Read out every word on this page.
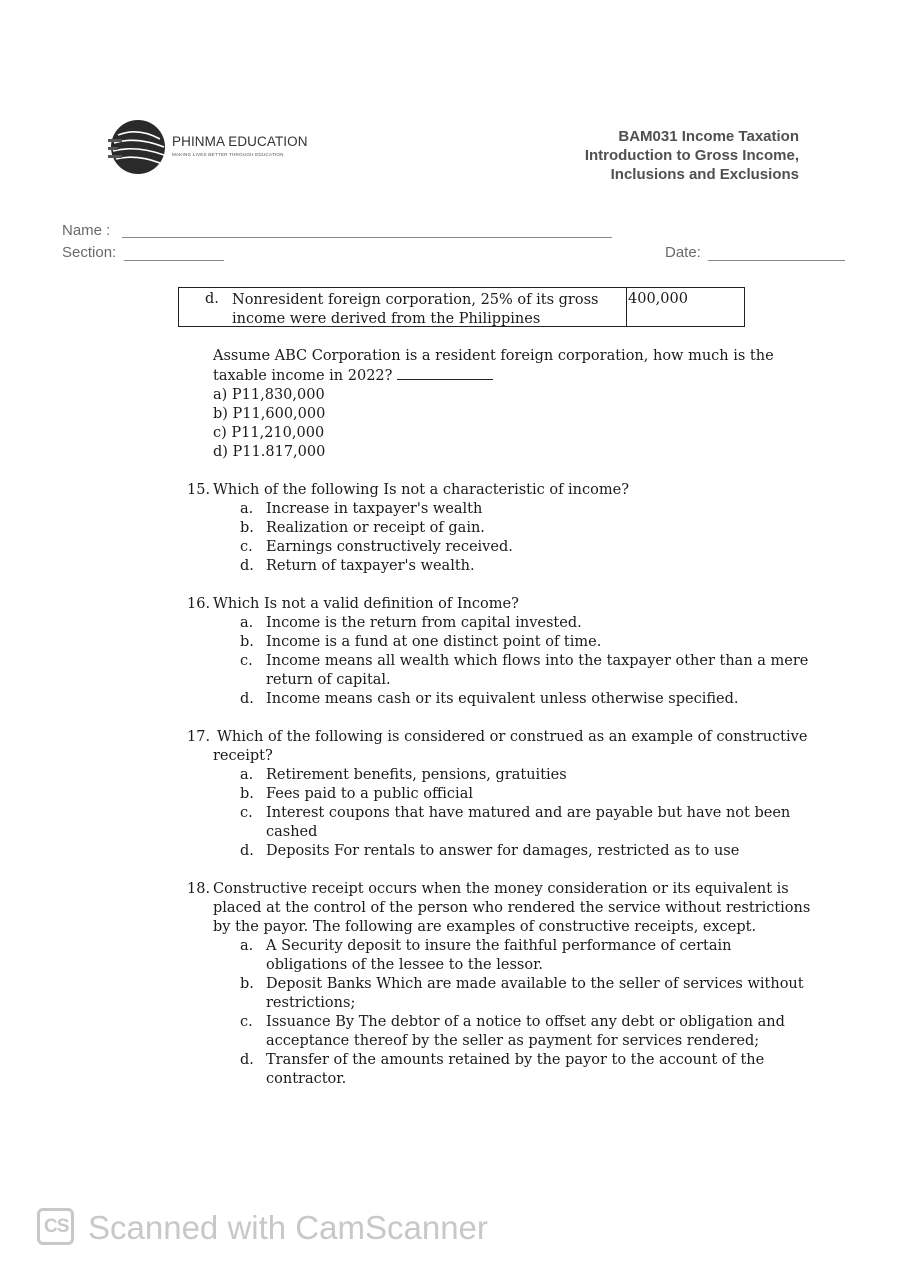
PHINMA EDUCATION
MAKING LIVES BETTER THROUGH EDUCATION
BAM031 Income Taxation
Introduction to Gross Income,
Inclusions and Exclusions
Name :
Section:	Date:
d. Nonresident foreign corporation, 25% of its gross income were derived from the Philippines
400,000
Assume ABC Corporation is a resident foreign corporation, how much is the taxable income in 2022?
a) P11,830,000
b) P11,600,000
c) P11,210,000
d) P11.817,000
15. Which of the following Is not a characteristic of income?
a. Increase in taxpayer's wealth
b. Realization or receipt of gain.
c. Earnings constructively received.
d. Return of taxpayer's wealth.
16. Which Is not a valid definition of Income?
a. Income is the return from capital invested.
b. Income is a fund at one distinct point of time.
c. Income means all wealth which flows into the taxpayer other than a mere return of capital.
d. Income means cash or its equivalent unless otherwise specified.
17. Which of the following is considered or construed as an example of constructive receipt?
a. Retirement benefits, pensions, gratuities
b. Fees paid to a public official
c. Interest coupons that have matured and are payable but have not been cashed
d. Deposits For rentals to answer for damages, restricted as to use
18. Constructive receipt occurs when the money consideration or its equivalent is placed at the control of the person who rendered the service without restrictions by the payor. The following are examples of constructive receipts, except.
a. A Security deposit to insure the faithful performance of certain obligations of the lessee to the lessor.
b. Deposit Banks Which are made available to the seller of services without restrictions;
c. Issuance By The debtor of a notice to offset any debt or obligation and acceptance thereof by the seller as payment for services rendered;
d. Transfer of the amounts retained by the payor to the account of the contractor.
CS Scanned with CamScanner
